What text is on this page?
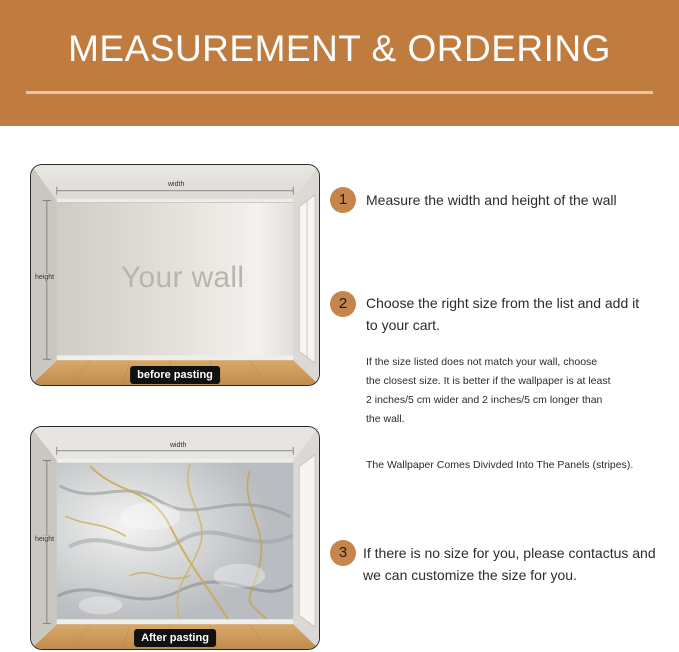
MEASUREMENT & ORDERING
width
height Your wall
before pasting
width
height
After pasting
1	Measure the width and height of the wall
2	Choose the right size from the list and add it
to your cart.
If the size listed does not match your wall, choose
the closest size. It is better if the wallpaper is at least
2 inches/5 cm wider and 2 inches/5 cm longer than
the wall.
The Wallpaper Comes Divivded Into The Panels (stripes).
3	If there is no size for you, please contactus and
we can customize the size for you.
